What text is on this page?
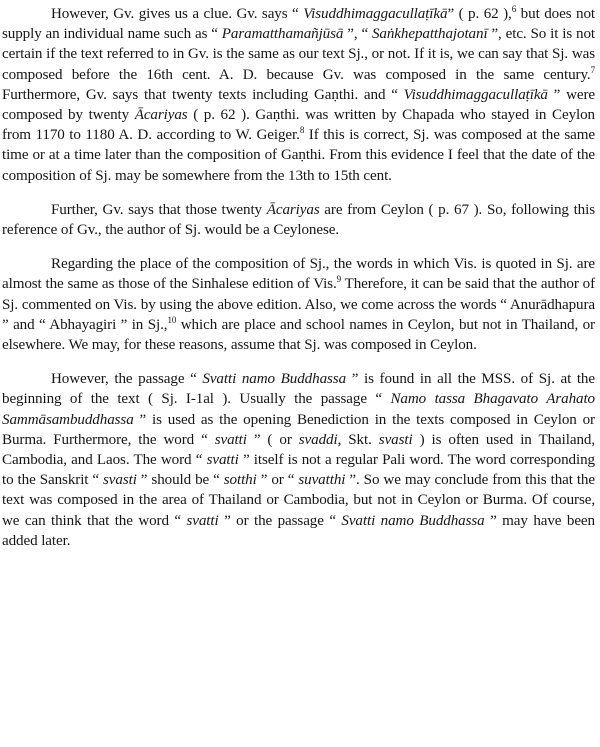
However, Gv. gives us a clue. Gv. says “ Visuddhimaggacullaṭīkā” ( p. 62 ),$^6$ but does not supply an individual name such as “ Paramatthamañjūsā ”, “ Saṅkhepatthajotanī ”, etc. So it is not certain if the text referred to in Gv. is the same as our text Sj., or not. If it is, we can say that Sj. was composed before the 16th cent. A. D. because Gv. was composed in the same century.$^7$ Furthermore, Gv. says that twenty texts including Gaṇthi. and “ Visuddhimaggacullaṭīkā ” were composed by twenty Ācariyas ( p. 62 ). Gaṇthi. was written by Chapada who stayed in Ceylon from 1170 to 1180 A. D. according to W. Geiger.$^8$ If this is correct, Sj. was composed at the same time or at a time later than the composition of Gaṇthi. From this evidence I feel that the date of the composition of Sj. may be somewhere from the 13th to 15th cent.

Further, Gv. says that those twenty Ācariyas are from Ceylon ( p. 67 ). So, following this reference of Gv., the author of Sj. would be a Ceylonese.

Regarding the place of the composition of Sj., the words in which Vis. is quoted in Sj. are almost the same as those of the Sinhalese edition of Vis.$^9$ Therefore, it can be said that the author of Sj. commented on Vis. by using the above edition. Also, we come across the words “ Anurādhapura ” and “ Abhayagiri ” in Sj.,$^{10}$ which are place and school names in Ceylon, but not in Thailand, or elsewhere. We may, for these reasons, assume that Sj. was composed in Ceylon.

However, the passage “ Svatti namo Buddhassa ” is found in all the MSS. of Sj. at the beginning of the text ( Sj. I-1al ). Usually the passage “ Namo tassa Bhagavato Arahato Sammāsambuddhassa ” is used as the opening Benediction in the texts composed in Ceylon or Burma. Furthermore, the word “ svatti ” ( or svaddi, Skt. svasti ) is often used in Thailand, Cambodia, and Laos. The word “ svatti ” itself is not a regular Pali word. The word corresponding to the Sanskrit “ svasti ” should be “ sotthi ” or “ suvatthi ”. So we may conclude from this that the text was composed in the area of Thailand or Cambodia, but not in Ceylon or Burma. Of course, we can think that the word “ svatti ” or the passage “ Svatti namo Buddhassa ” may have been added later.
